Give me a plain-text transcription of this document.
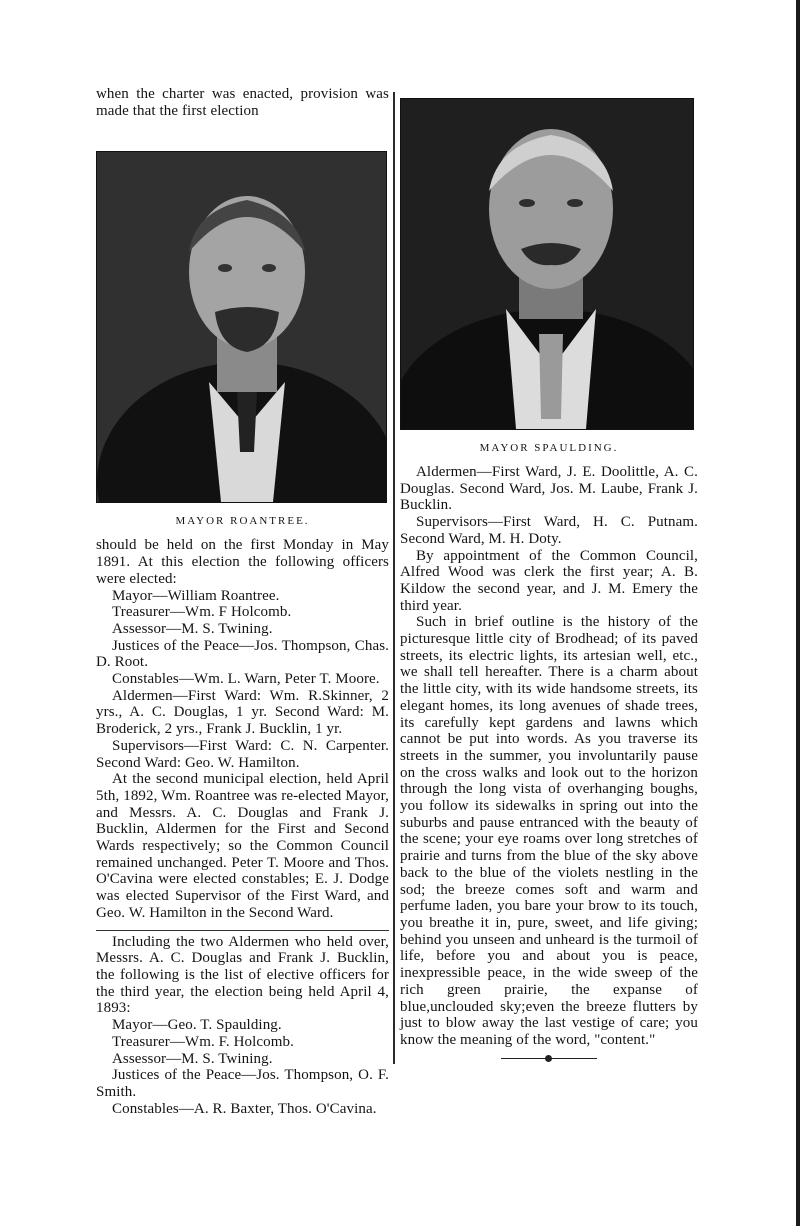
when the charter was enacted, provision was made that the first election

MAYOR ROANTREE.

should be held on the first Monday in May 1891. At this election the following officers were elected:

Mayor—William Roantree.

Treasurer—Wm. F Holcomb.

Assessor—M. S. Twining.

Justices of the Peace—Jos. Thompson, Chas. D. Root.

Constables—Wm. L. Warn, Peter T. Moore.

Aldermen—First Ward: Wm. R.Skinner, 2 yrs., A. C. Douglas, 1 yr. Second Ward: M. Broderick, 2 yrs., Frank J. Bucklin, 1 yr.

Supervisors—First Ward: C. N. Carpenter. Second Ward: Geo. W. Hamilton.

At the second municipal election, held April 5th, 1892, Wm. Roantree was re-elected Mayor, and Messrs. A. C. Douglas and Frank J. Bucklin, Aldermen for the First and Second Wards respectively; so the Common Council remained unchanged. Peter T. Moore and Thos. O'Cavina were elected constables; E. J. Dodge was elected Supervisor of the First Ward, and Geo. W. Hamilton in the Second Ward.

Including the two Aldermen who held over, Messrs. A. C. Douglas and Frank J. Bucklin, the following is the list of elective officers for the third year, the election being held April 4, 1893:

Mayor—Geo. T. Spaulding.

Treasurer—Wm. F. Holcomb.

Assessor—M. S. Twining.

Justices of the Peace—Jos. Thompson, O. F. Smith.

Constables—A. R. Baxter, Thos. O'Cavina.

MAYOR SPAULDING.

Aldermen—First Ward, J. E. Doolittle, A. C. Douglas. Second Ward, Jos. M. Laube, Frank J. Bucklin.

Supervisors—First Ward, H. C. Putnam. Second Ward, M. H. Doty.

By appointment of the Common Council, Alfred Wood was clerk the first year; A. B. Kildow the second year, and J. M. Emery the third year.

Such in brief outline is the history of the picturesque little city of Brodhead; of its paved streets, its electric lights, its artesian well, etc., we shall tell hereafter. There is a charm about the little city, with its wide handsome streets, its elegant homes, its long avenues of shade trees, its carefully kept gardens and lawns which cannot be put into words. As you traverse its streets in the summer, you involuntarily pause on the cross walks and look out to the horizon through the long vista of overhanging boughs, you follow its sidewalks in spring out into the suburbs and pause entranced with the beauty of the scene; your eye roams over long stretches of prairie and turns from the blue of the sky above back to the blue of the violets nestling in the sod; the breeze comes soft and warm and perfume laden, you bare your brow to its touch, you breathe it in, pure, sweet, and life giving; behind you unseen and unheard is the turmoil of life, before you and about you is peace, inexpressible peace, in the wide sweep of the rich green prairie, the expanse of blue,unclouded sky;even the breeze flutters by just to blow away the last vestige of care; you know the meaning of the word, "content."
